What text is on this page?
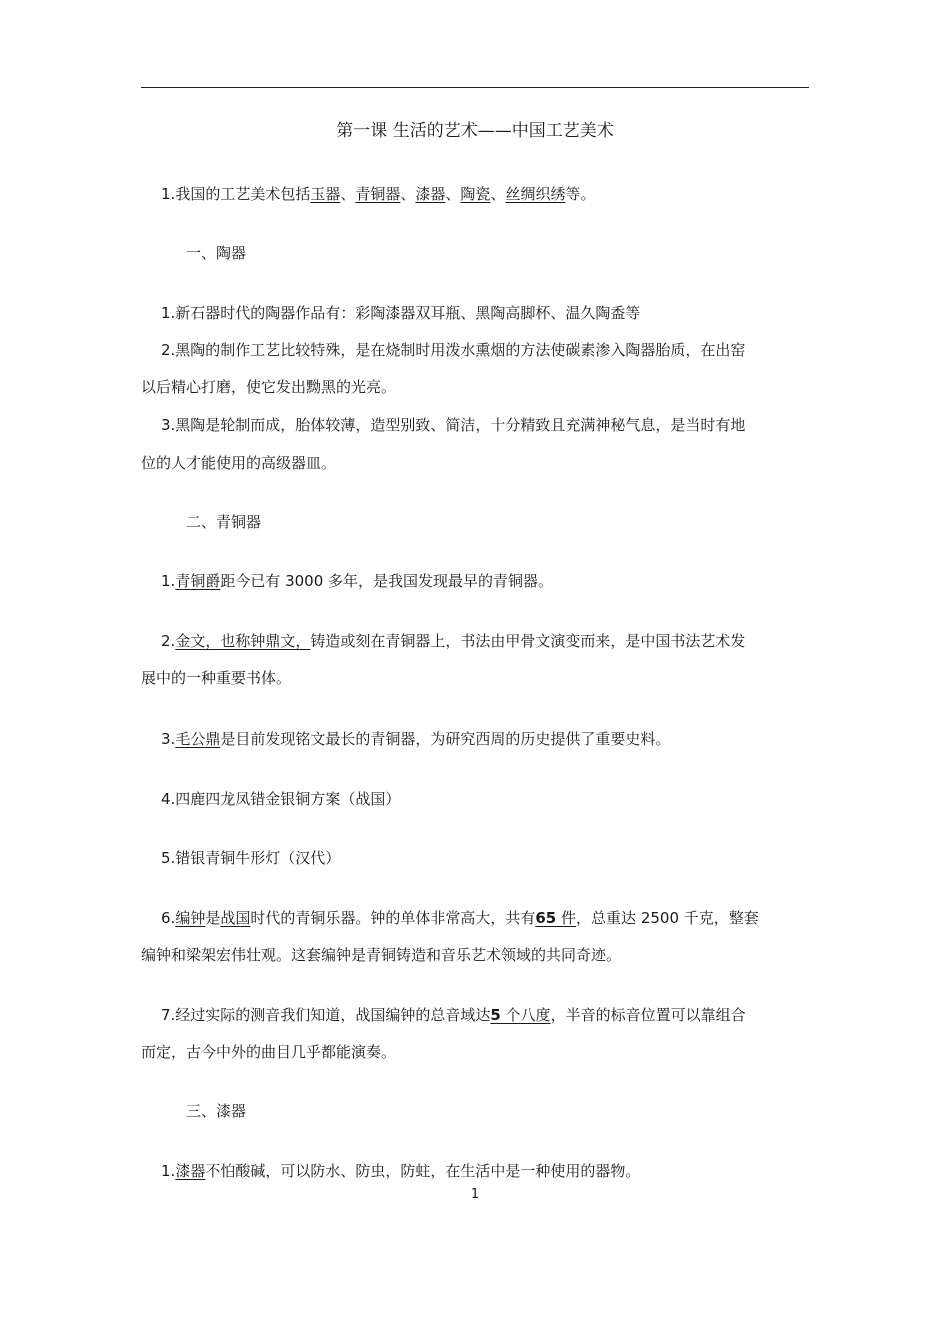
第一课 生活的艺术——中国工艺美术
1.我国的工艺美术包括玉器、青铜器、漆器、陶瓷、丝绸织绣等。
一、陶器
1.新石器时代的陶器作品有：彩陶漆器双耳瓶、黑陶高脚杯、温久陶盉等
2.黑陶的制作工艺比较特殊，是在烧制时用泼水熏烟的方法使碳素渗入陶器胎质，在出窑
以后精心打磨，使它发出黝黑的光亮。
3.黑陶是轮制而成，胎体较薄，造型别致、简洁，十分精致且充满神秘气息，是当时有地
位的人才能使用的高级器皿。
二、青铜器
1.青铜爵距今已有 3000 多年，是我国发现最早的青铜器。
2.金文，也称钟鼎文，铸造或刻在青铜器上，书法由甲骨文演变而来，是中国书法艺术发
展中的一种重要书体。
3.毛公鼎是目前发现铭文最长的青铜器，为研究西周的历史提供了重要史料。
4.四鹿四龙凤错金银铜方案（战国）
5.错银青铜牛形灯（汉代）
6.编钟是战国时代的青铜乐器。钟的单体非常高大，共有65 件，总重达 2500 千克，整套
编钟和梁架宏伟壮观。这套编钟是青铜铸造和音乐艺术领域的共同奇迹。
7.经过实际的测音我们知道，战国编钟的总音域达5 个八度，半音的标音位置可以靠组合
而定，古今中外的曲目几乎都能演奏。
三、漆器
1.漆器不怕酸碱，可以防水、防虫，防蛀，在生活中是一种使用的器物。
1
